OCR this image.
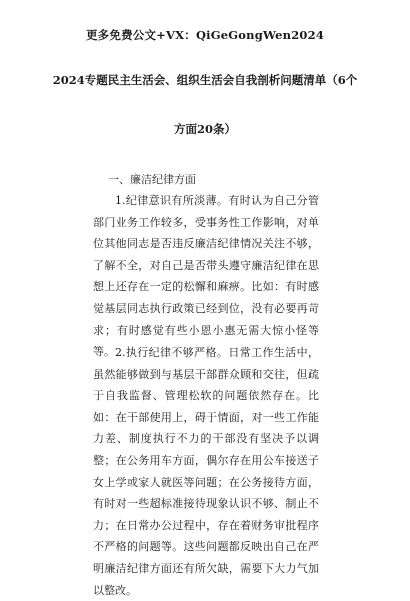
更多免费公文+VX：QiGeGongWen2024
2024专题民主生活会、组织生活会自我剖析问题清单（6个
方面20条）
一、廉洁纪律方面
1.纪律意识有所淡薄。有时认为自己分管部门业务工作较多，受事务性工作影响，对单位其他同志是否违反廉洁纪律情况关注不够，了解不全，对自己是否带头遵守廉洁纪律在思想上还存在一定的松懈和麻痹。比如：有时感觉基层同志执行政策已经到位，没有必要再苛求；有时感觉有些小恩小惠无需大惊小怪等等。 2.执行纪律不够严格。日常工作生活中，虽然能够做到与基层干部群众顾和交往，但疏于自我监督、管理松软的问题依然存在。比如：在干部使用上，碍于情面，对一些工作能力差、制度执行不力的干部没有坚决予以调整；在公务用车方面，偶尔存在用公车接送子女上学或家人就医等问题；在公务接待方面，有时对一些超标准接待现象认识不够、制止不力；在日常办公过程中，存在着财务审批程序不严格的问题等。这些问题都反映出自己在严明廉洁纪律方面还有所欠缺，需要下大力气加以整改。
